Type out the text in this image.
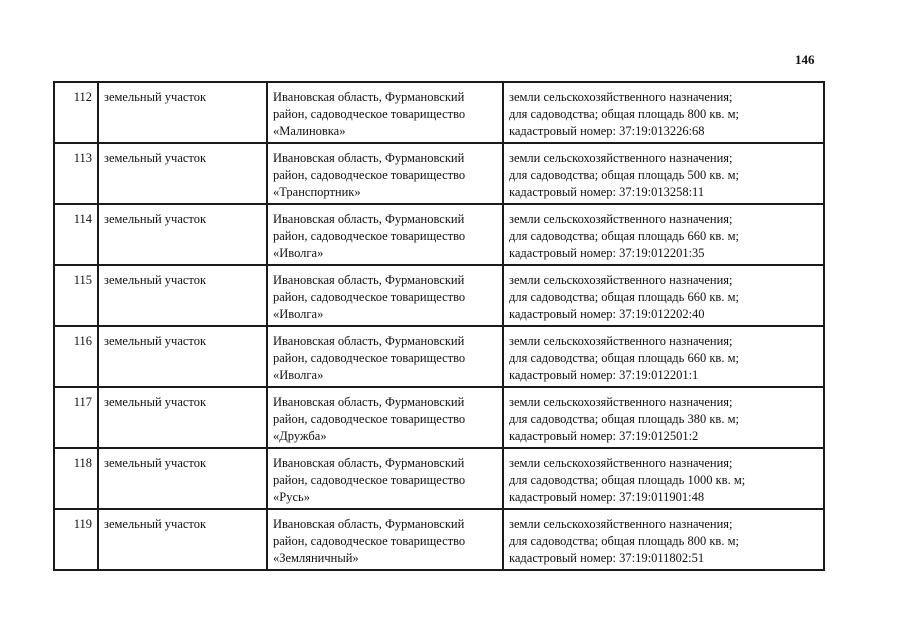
146
112	земельный участок	Ивановская область, Фурмановский
район, садоводческое товарищество
«Малиновка»	земли сельскохозяйственного назначения;
для садоводства; общая площадь 800 кв. м;
кадастровый номер: 37:19:013226:68

113	земельный участок	Ивановская область, Фурмановский
район, садоводческое товарищество
«Транспортник»	земли сельскохозяйственного назначения;
для садоводства; общая площадь 500 кв. м;
кадастровый номер: 37:19:013258:11

114	земельный участок	Ивановская область, Фурмановский
район, садоводческое товарищество
«Иволга»	земли сельскохозяйственного назначения;
для садоводства; общая площадь 660 кв. м;
кадастровый номер: 37:19:012201:35

115	земельный участок	Ивановская область, Фурмановский
район, садоводческое товарищество
«Иволга»	земли сельскохозяйственного назначения;
для садоводства; общая площадь 660 кв. м;
кадастровый номер: 37:19:012202:40

116	земельный участок	Ивановская область, Фурмановский
район, садоводческое товарищество
«Иволга»	земли сельскохозяйственного назначения;
для садоводства; общая площадь 660 кв. м;
кадастровый номер: 37:19:012201:1

117	земельный участок	Ивановская область, Фурмановский
район, садоводческое товарищество
«Дружба»	земли сельскохозяйственного назначения;
для садоводства; общая площадь 380 кв. м;
кадастровый номер: 37:19:012501:2

118	земельный участок	Ивановская область, Фурмановский
район, садоводческое товарищество
«Русь»	земли сельскохозяйственного назначения;
для садоводства; общая площадь 1000 кв. м;
кадастровый номер: 37:19:011901:48

119	земельный участок	Ивановская область, Фурмановский
район, садоводческое товарищество
«Земляничный»	земли сельскохозяйственного назначения;
для садоводства; общая площадь 800 кв. м;
кадастровый номер: 37:19:011802:51
